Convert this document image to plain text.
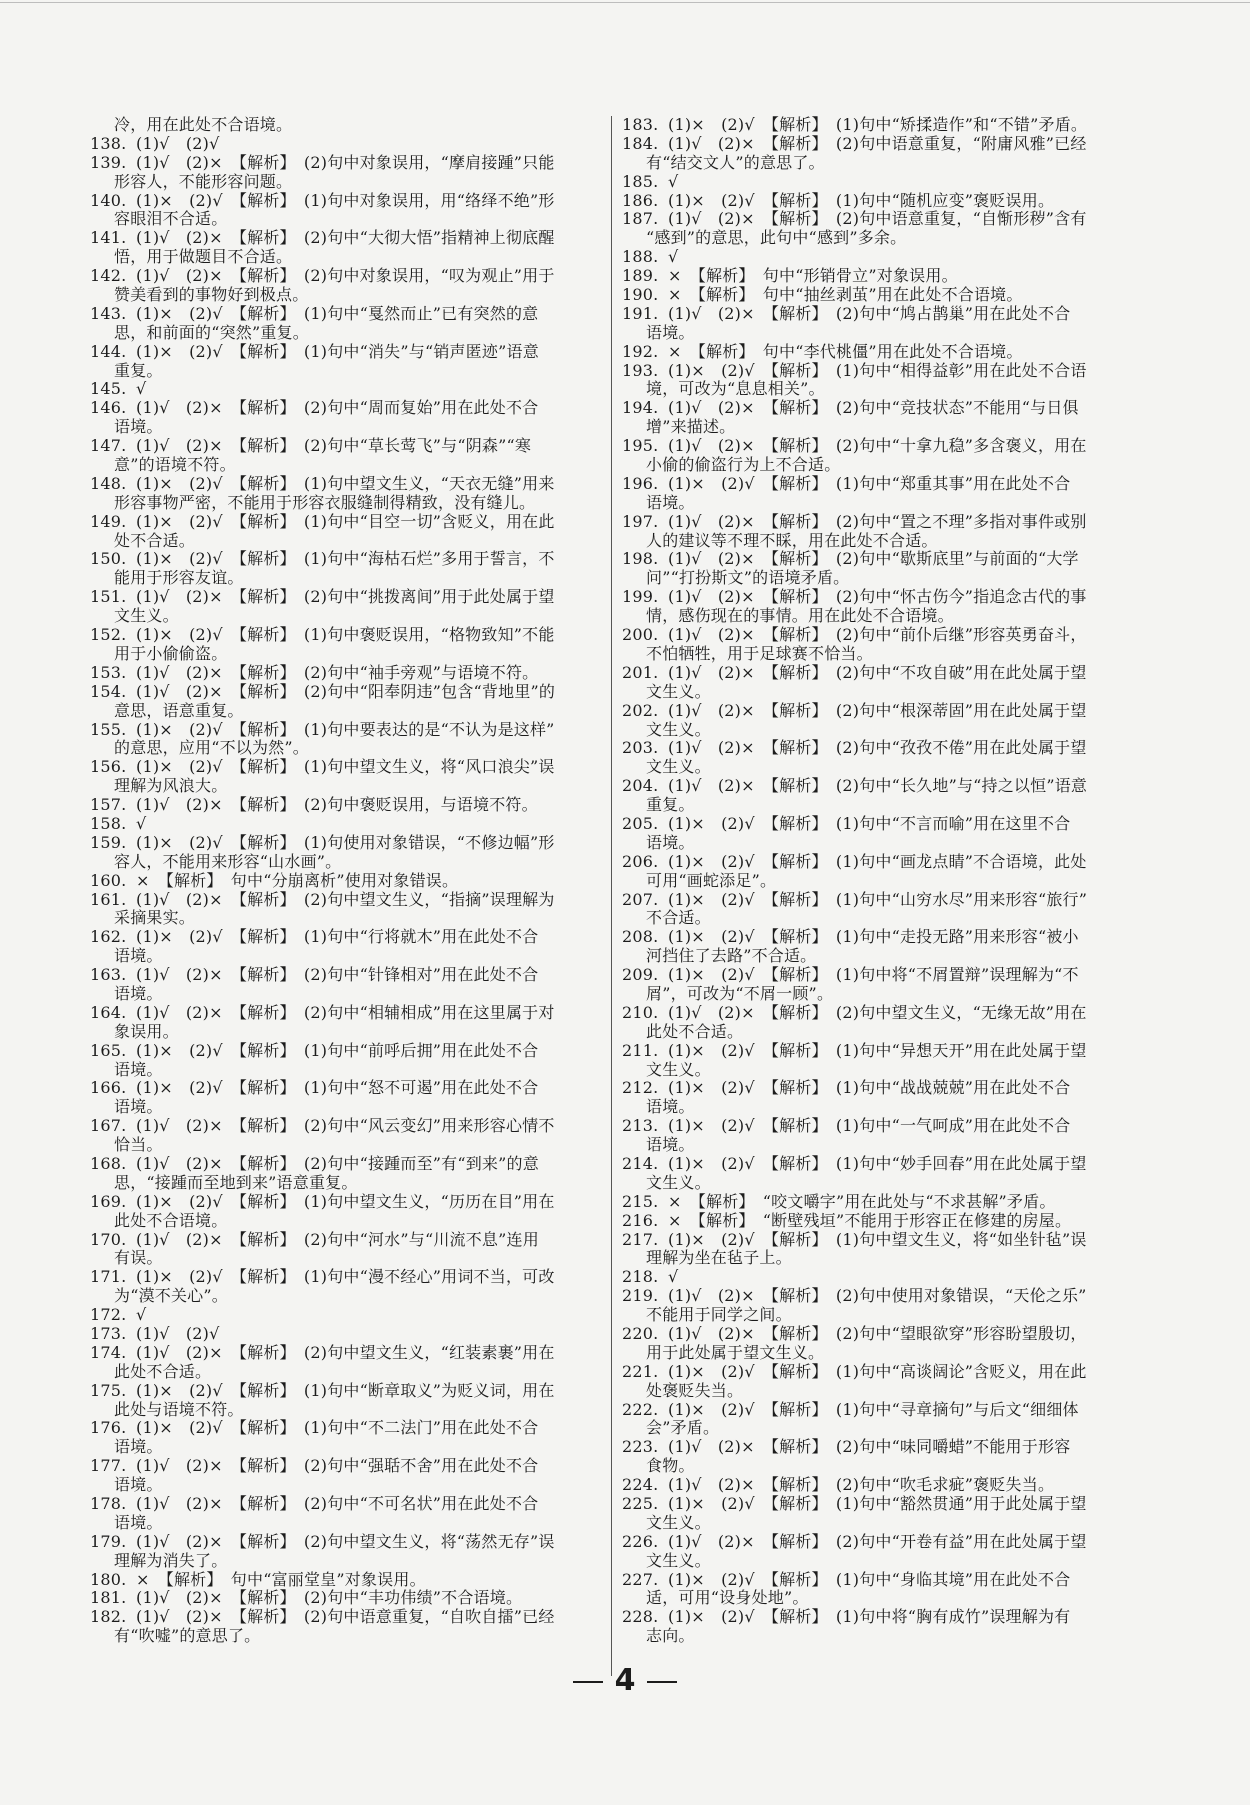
冷，用在此处不合语境。
138. (1)√　(2)√
139. (1)√　(2)×　【解析】　(2)句中对象误用，“摩肩接踵”只能
形容人，不能形容问题。
140. (1)×　(2)√　【解析】　(1)句中对象误用，用“络绎不绝”形
容眼泪不合适。
141. (1)√　(2)×　【解析】　(2)句中“大彻大悟”指精神上彻底醒
悟，用于做题目不合适。
142. (1)√　(2)×　【解析】　(2)句中对象误用，“叹为观止”用于
赞美看到的事物好到极点。
143. (1)×　(2)√　【解析】　(1)句中“戛然而止”已有突然的意
思，和前面的“突然”重复。
144. (1)×　(2)√　【解析】　(1)句中“消失”与“销声匿迹”语意
重复。
145. √
146. (1)√　(2)×　【解析】　(2)句中“周而复始”用在此处不合
语境。
147. (1)√　(2)×　【解析】　(2)句中“草长莺飞”与“阴森”“寒
意”的语境不符。
148. (1)×　(2)√　【解析】　(1)句中望文生义，“天衣无缝”用来
形容事物严密，不能用于形容衣服缝制得精致，没有缝儿。
149. (1)×　(2)√　【解析】　(1)句中“目空一切”含贬义，用在此
处不合适。
150. (1)×　(2)√　【解析】　(1)句中“海枯石烂”多用于誓言，不
能用于形容友谊。
151. (1)√　(2)×　【解析】　(2)句中“挑拨离间”用于此处属于望
文生义。
152. (1)×　(2)√　【解析】　(1)句中褒贬误用，“格物致知”不能
用于小偷偷盗。
153. (1)√　(2)×　【解析】　(2)句中“袖手旁观”与语境不符。
154. (1)√　(2)×　【解析】　(2)句中“阳奉阴违”包含“背地里”的
意思，语意重复。
155. (1)×　(2)√　【解析】　(1)句中要表达的是“不认为是这样”
的意思，应用“不以为然”。
156. (1)×　(2)√　【解析】　(1)句中望文生义，将“风口浪尖”误
理解为风浪大。
157. (1)√　(2)×　【解析】　(2)句中褒贬误用，与语境不符。
158. √
159. (1)×　(2)√　【解析】　(1)句使用对象错误，“不修边幅”形
容人，不能用来形容“山水画”。
160. ×　【解析】　句中“分崩离析”使用对象错误。
161. (1)√　(2)×　【解析】　(2)句中望文生义，“指摘”误理解为
采摘果实。
162. (1)×　(2)√　【解析】　(1)句中“行将就木”用在此处不合
语境。
163. (1)√　(2)×　【解析】　(2)句中“针锋相对”用在此处不合
语境。
164. (1)√　(2)×　【解析】　(2)句中“相辅相成”用在这里属于对
象误用。
165. (1)×　(2)√　【解析】　(1)句中“前呼后拥”用在此处不合
语境。
166. (1)×　(2)√　【解析】　(1)句中“怒不可遏”用在此处不合
语境。
167. (1)√　(2)×　【解析】　(2)句中“风云变幻”用来形容心情不
恰当。
168. (1)√　(2)×　【解析】　(2)句中“接踵而至”有“到来”的意
思，“接踵而至地到来”语意重复。
169. (1)×　(2)√　【解析】　(1)句中望文生义，“历历在目”用在
此处不合语境。
170. (1)√　(2)×　【解析】　(2)句中“河水”与“川流不息”连用
有误。
171. (1)×　(2)√　【解析】　(1)句中“漫不经心”用词不当，可改
为“漠不关心”。
172. √
173. (1)√　(2)√
174. (1)√　(2)×　【解析】　(2)句中望文生义，“红装素裹”用在
此处不合适。
175. (1)×　(2)√　【解析】　(1)句中“断章取义”为贬义词，用在
此处与语境不符。
176. (1)×　(2)√　【解析】　(1)句中“不二法门”用在此处不合
语境。
177. (1)√　(2)×　【解析】　(2)句中“强聒不舍”用在此处不合
语境。
178. (1)√　(2)×　【解析】　(2)句中“不可名状”用在此处不合
语境。
179. (1)√　(2)×　【解析】　(2)句中望文生义，将“荡然无存”误
理解为消失了。
180. ×　【解析】　句中“富丽堂皇”对象误用。
181. (1)√　(2)×　【解析】　(2)句中“丰功伟绩”不合语境。
182. (1)√　(2)×　【解析】　(2)句中语意重复，“自吹自擂”已经
有“吹嘘”的意思了。
183. (1)×　(2)√　【解析】　(1)句中“矫揉造作”和“不错”矛盾。
184. (1)√　(2)×　【解析】　(2)句中语意重复，“附庸风雅”已经
有“结交文人”的意思了。
185. √
186. (1)×　(2)√　【解析】　(1)句中“随机应变”褒贬误用。
187. (1)√　(2)×　【解析】　(2)句中语意重复，“自惭形秽”含有
“感到”的意思，此句中“感到”多余。
188. √
189. ×　【解析】　句中“形销骨立”对象误用。
190. ×　【解析】　句中“抽丝剥茧”用在此处不合语境。
191. (1)√　(2)×　【解析】　(2)句中“鸠占鹊巢”用在此处不合
语境。
192. ×　【解析】　句中“李代桃僵”用在此处不合语境。
193. (1)×　(2)√　【解析】　(1)句中“相得益彰”用在此处不合语
境，可改为“息息相关”。
194. (1)√　(2)×　【解析】　(2)句中“竞技状态”不能用“与日俱
增”来描述。
195. (1)√　(2)×　【解析】　(2)句中“十拿九稳”多含褒义，用在
小偷的偷盗行为上不合适。
196. (1)×　(2)√　【解析】　(1)句中“郑重其事”用在此处不合
语境。
197. (1)√　(2)×　【解析】　(2)句中“置之不理”多指对事件或别
人的建议等不理不睬，用在此处不合适。
198. (1)√　(2)×　【解析】　(2)句中“歇斯底里”与前面的“大学
问”“打扮斯文”的语境矛盾。
199. (1)√　(2)×　【解析】　(2)句中“怀古伤今”指追念古代的事
情，感伤现在的事情。用在此处不合语境。
200. (1)√　(2)×　【解析】　(2)句中“前仆后继”形容英勇奋斗，
不怕牺牲，用于足球赛不恰当。
201. (1)√　(2)×　【解析】　(2)句中“不攻自破”用在此处属于望
文生义。
202. (1)√　(2)×　【解析】　(2)句中“根深蒂固”用在此处属于望
文生义。
203. (1)√　(2)×　【解析】　(2)句中“孜孜不倦”用在此处属于望
文生义。
204. (1)√　(2)×　【解析】　(2)句中“长久地”与“持之以恒”语意
重复。
205. (1)×　(2)√　【解析】　(1)句中“不言而喻”用在这里不合
语境。
206. (1)×　(2)√　【解析】　(1)句中“画龙点睛”不合语境，此处
可用“画蛇添足”。
207. (1)×　(2)√　【解析】　(1)句中“山穷水尽”用来形容“旅行”
不合适。
208. (1)×　(2)√　【解析】　(1)句中“走投无路”用来形容“被小
河挡住了去路”不合适。
209. (1)×　(2)√　【解析】　(1)句中将“不屑置辩”误理解为“不
屑”，可改为“不屑一顾”。
210. (1)√　(2)×　【解析】　(2)句中望文生义，“无缘无故”用在
此处不合适。
211. (1)×　(2)√　【解析】　(1)句中“异想天开”用在此处属于望
文生义。
212. (1)×　(2)√　【解析】　(1)句中“战战兢兢”用在此处不合
语境。
213. (1)×　(2)√　【解析】　(1)句中“一气呵成”用在此处不合
语境。
214. (1)×　(2)√　【解析】　(1)句中“妙手回春”用在此处属于望
文生义。
215. ×　【解析】　“咬文嚼字”用在此处与“不求甚解”矛盾。
216. ×　【解析】　“断壁残垣”不能用于形容正在修建的房屋。
217. (1)×　(2)√　【解析】　(1)句中望文生义，将“如坐针毡”误
理解为坐在毡子上。
218. √
219. (1)√　(2)×　【解析】　(2)句中使用对象错误，“天伦之乐”
不能用于同学之间。
220. (1)√　(2)×　【解析】　(2)句中“望眼欲穿”形容盼望殷切，
用于此处属于望文生义。
221. (1)×　(2)√　【解析】　(1)句中“高谈阔论”含贬义，用在此
处褒贬失当。
222. (1)×　(2)√　【解析】　(1)句中“寻章摘句”与后文“细细体
会”矛盾。
223. (1)√　(2)×　【解析】　(2)句中“味同嚼蜡”不能用于形容
食物。
224. (1)√　(2)×　【解析】　(2)句中“吹毛求疵”褒贬失当。
225. (1)×　(2)√　【解析】　(1)句中“豁然贯通”用于此处属于望
文生义。
226. (1)√　(2)×　【解析】　(2)句中“开卷有益”用在此处属于望
文生义。
227. (1)×　(2)√　【解析】　(1)句中“身临其境”用在此处不合
适，可用“设身处地”。
228. (1)×　(2)√　【解析】　(1)句中将“胸有成竹”误理解为有
志向。
4
